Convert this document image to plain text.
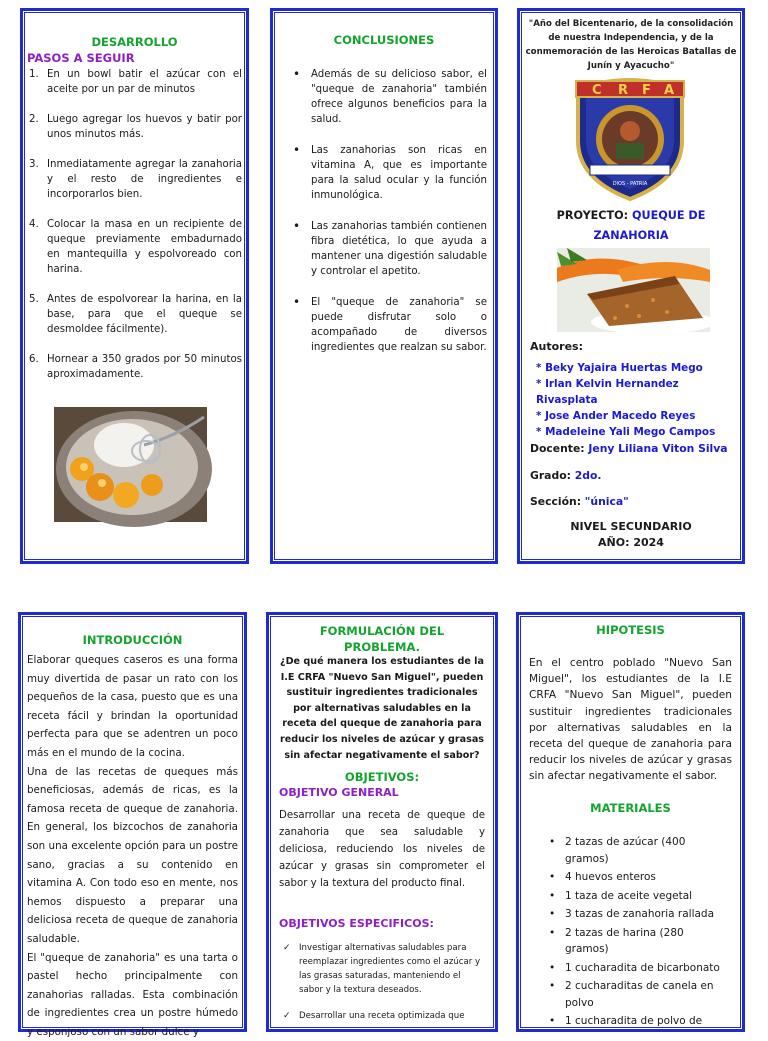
DESARROLLO
PASOS A SEGUIR
1. En un bowl batir el azúcar con el aceite por un par de minutos
2. Luego agregar los huevos y batir por unos minutos más.
3. Inmediatamente agregar la zanahoria y el resto de ingredientes e incorporarlos bien.
4. Colocar la masa en un recipiente de queque previamente embadurnado en mantequilla y espolvoreado con harina.
5. Antes de espolvorear la harina, en la base, para que el queque se desmoldee fácilmente).
6. Hornear a 350 grados por 50 minutos aproximadamente.
CONCLUSIONES
• Además de su delicioso sabor, el "queque de zanahoria" también ofrece algunos beneficios para la salud.
• Las zanahorias son ricas en vitamina A, que es importante para la salud ocular y la función inmunológica.
• Las zanahorias también contienen fibra dietética, lo que ayuda a mantener una digestión saludable y controlar el apetito.
• El "queque de zanahoria" se puede disfrutar solo o acompañado de diversos ingredientes que realzan su sabor.
"Año del Bicentenario, de la consolidación de nuestra Independencia, y de la conmemoración de las Heroicas Batallas de Junín y Ayacucho"
C R F A
DIOS - PATRIA
PROYECTO: QUEQUE DE ZANAHORIA
Autores:
* Beky Yajaira Huertas Mego
* Irlan Kelvin Hernandez Rivasplata
* Jose Ander Macedo Reyes
* Madeleine Yali Mego Campos
Docente: Jeny Liliana Viton Silva
Grado: 2do.
Sección: "única"
NIVEL SECUNDARIO
AÑO: 2024
INTRODUCCIÓN

Elaborar queques caseros es una forma muy divertida de pasar un rato con los pequeños de la casa, puesto que es una receta fácil y brindan la oportunidad perfecta para que se adentren un poco más en el mundo de la cocina.

Una de las recetas de queques más beneficiosas, además de ricas, es la famosa receta de queque de zanahoria. En general, los bizcochos de zanahoria son una excelente opción para un postre sano, gracias a su contenido en vitamina A. Con todo eso en mente, nos hemos dispuesto a preparar una deliciosa receta de queque de zanahoria saludable.

El "queque de zanahoria" es una tarta o pastel hecho principalmente con zanahorias ralladas. Esta combinación de ingredientes crea un postre húmedo y esponjoso con un sabor dulce y

FORMULACIÓN DEL PROBLEMA.
¿De qué manera los estudiantes de la I.E CRFA "Nuevo San Miguel", pueden sustituir ingredientes tradicionales por alternativas saludables en la receta del queque de zanahoria para reducir los niveles de azúcar y grasas sin afectar negativamente el sabor?
OBJETIVOS:
OBJETIVO GENERAL
Desarrollar una receta de queque de zanahoria que sea saludable y deliciosa, reduciendo los niveles de azúcar y grasas sin comprometer el sabor y la textura del producto final.
OBJETIVOS ESPECIFICOS:
✓ Investigar alternativas saludables para reemplazar ingredientes como el azúcar y las grasas saturadas, manteniendo el sabor y la textura deseados.
✓ Desarrollar una receta optimizada que
HIPOTESIS
En el centro poblado "Nuevo San Miguel", los estudiantes de la I.E CRFA "Nuevo San Miguel", pueden sustituir ingredientes tradicionales por alternativas saludables en la receta del queque de zanahoria para reducir los niveles de azúcar y grasas sin afectar negativamente el sabor.
MATERIALES
• 2 tazas de azúcar (400 gramos)
• 4 huevos enteros
• 1 taza de aceite vegetal
• 3 tazas de zanahoria rallada
• 2 tazas de harina (280 gramos)
• 1 cucharadita de bicarbonato
• 2 cucharaditas de canela en polvo
• 1 cucharadita de polvo de
